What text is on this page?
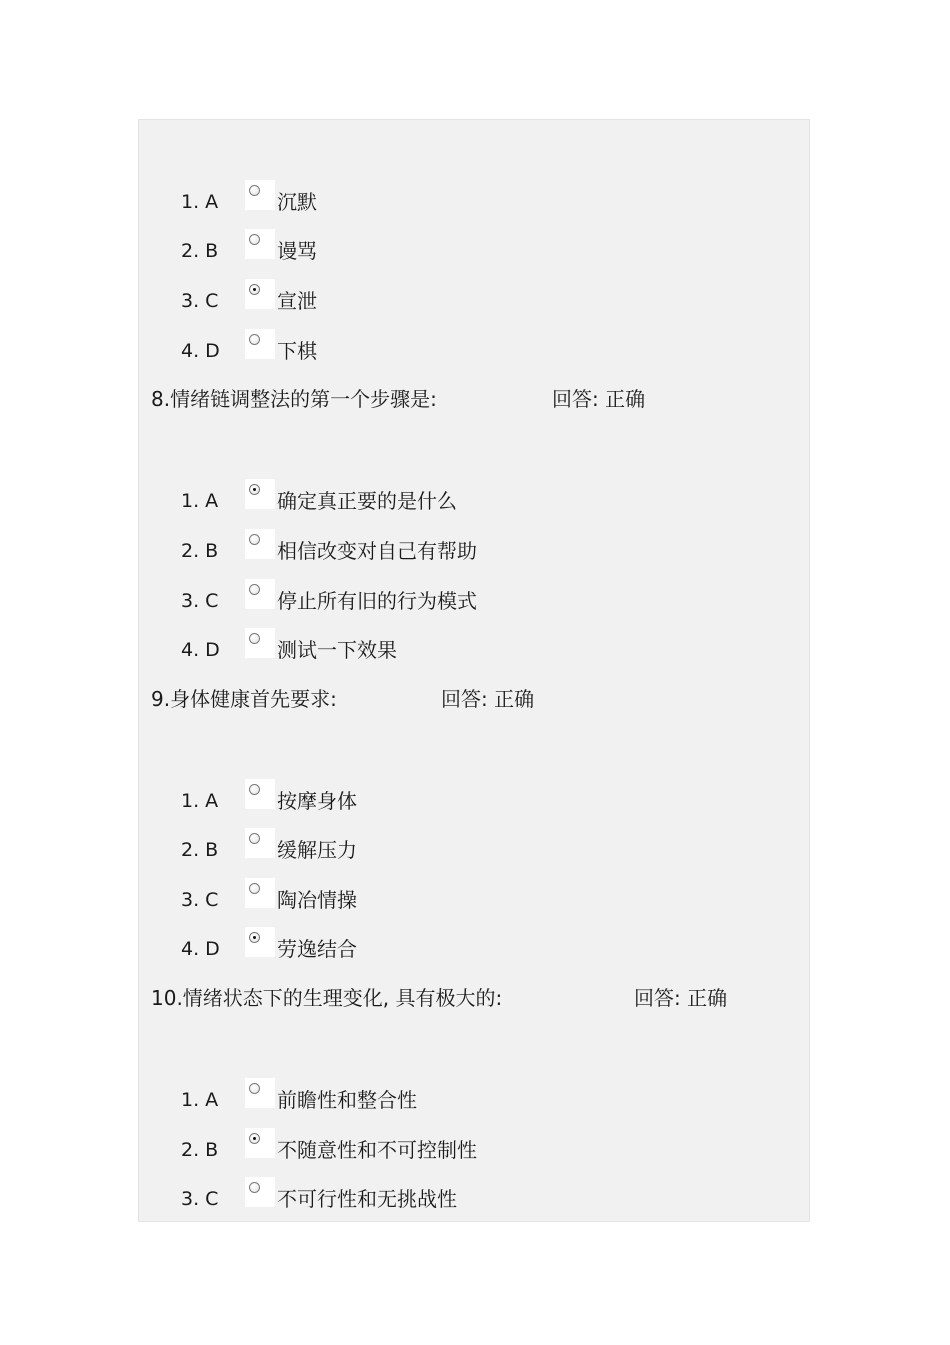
1. A	沉默
2. B	谩骂
3. C	宣泄
4. D	下棋
8.情绪链调整法的第一个步骤是:	回答: 正确
1. A	确定真正要的是什么
2. B	相信改变对自己有帮助
3. C	停止所有旧的行为模式
4. D	测试一下效果
9.身体健康首先要求:	回答: 正确
1. A	按摩身体
2. B	缓解压力
3. C	陶冶情操
4. D	劳逸结合
10.情绪状态下的生理变化, 具有极大的:	回答: 正确
1. A	前瞻性和整合性
2. B	不随意性和不可控制性
3. C	不可行性和无挑战性
